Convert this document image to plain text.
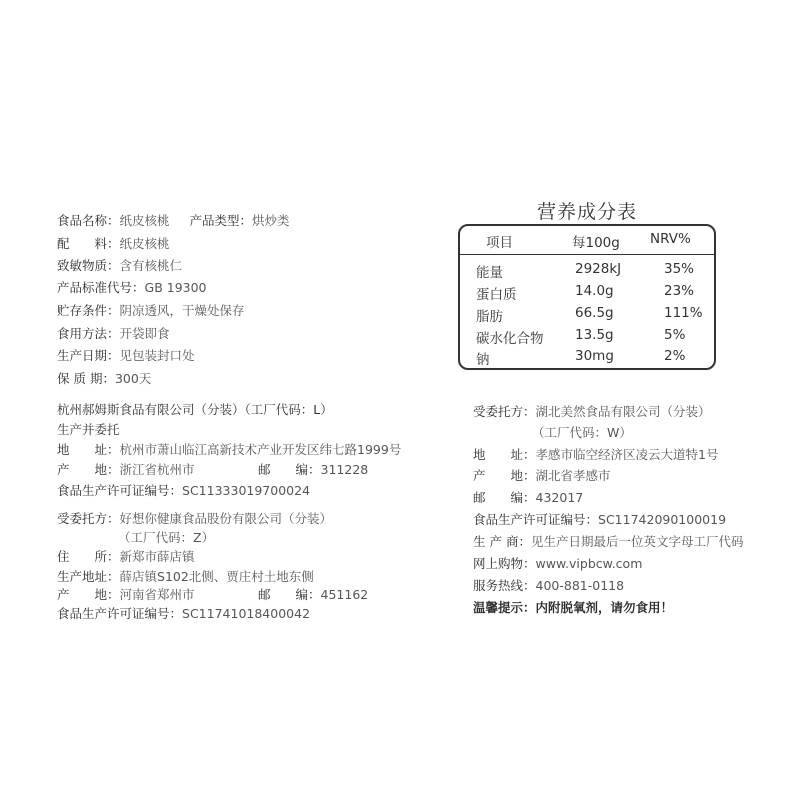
食品名称：纸皮核桃 产品类型：烘炒类
配　　料：纸皮核桃
致敏物质：含有核桃仁
产品标准代号：GB 19300
贮存条件：阴凉透风，干燥处保存
食用方法：开袋即食
生产日期：见包装封口处
保 质 期：300天
营养成分表
项目	每100g NRV%
能量	2928kJ	35%
蛋白质	14.0g	23%
脂肪	66.5g	111%
碳水化合物 13.5g	5%
钠	30mg	2%
杭州郝姆斯食品有限公司（分装）（工厂代码：L）
生产并委托
地　　址：杭州市萧山临江高新技术产业开发区纬七路1999号
产　　地：浙江省杭州市	邮　　编：311228
食品生产许可证编号：SC11333019700024
受委托方：好想你健康食品股份有限公司（分装）
（工厂代码：Z）
住　　所：新郑市薛店镇
生产地址：薛店镇S102北侧、贾庄村土地东侧
产　　地：河南省郑州市	邮　　编：451162
食品生产许可证编号：SC11741018400042
受委托方：湖北美然食品有限公司（分装）
（工厂代码：W）
地　　址：孝感市临空经济区凌云大道特1号
产　　地：湖北省孝感市
邮　　编：432017
食品生产许可证编号：SC11742090100019
生 产 商：见生产日期最后一位英文字母工厂代码
网上购物：www.vipbcw.com
服务热线：400-881-0118
温馨提示：内附脱氧剂，请勿食用！
